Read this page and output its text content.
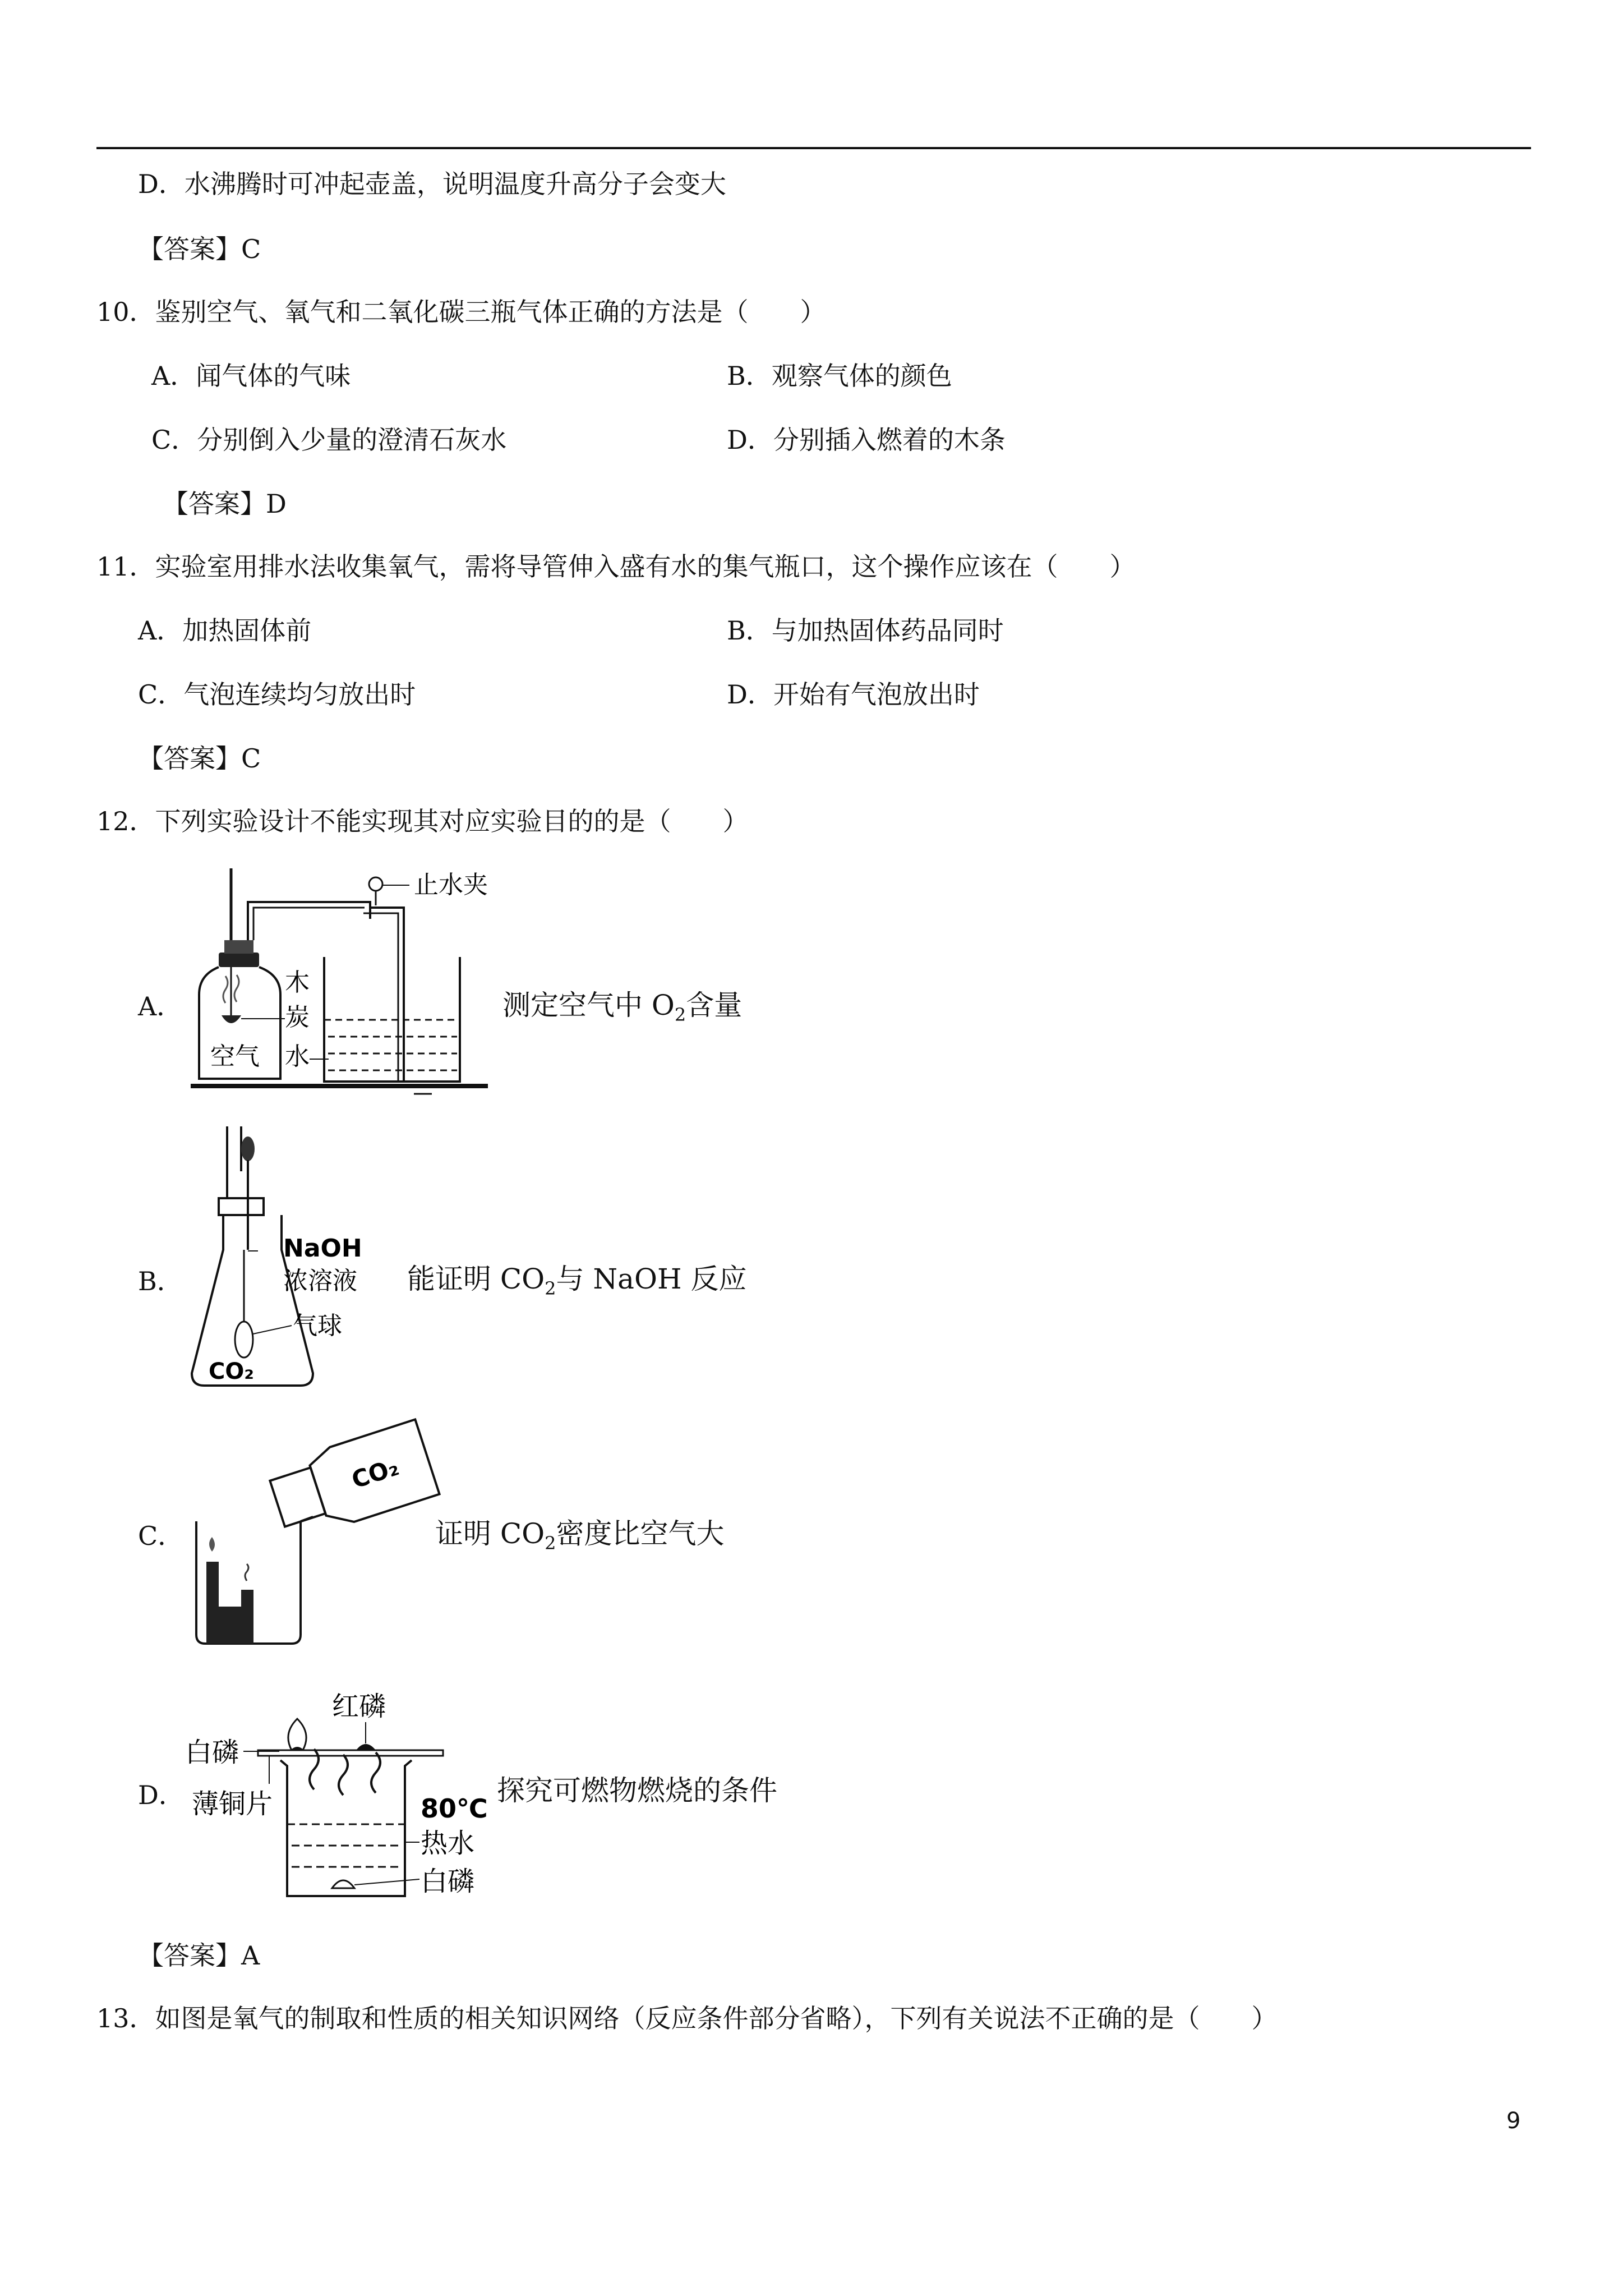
D．水沸腾时可冲起壶盖，说明温度升高分子会变大
【答案】C
10．鉴别空气、氧气和二氧化碳三瓶气体正确的方法是（　　）
A．闻气体的气味	B．观察气体的颜色
C．分别倒入少量的澄清石灰水	D．分别插入燃着的木条
【答案】D
11．实验室用排水法收集氧气，需将导管伸入盛有水的集气瓶口，这个操作应该在（　　）
A．加热固体前	B．与加热固体药品同时
C．气泡连续均匀放出时	D．开始有气泡放出时
【答案】C
12．下列实验设计不能实现其对应实验目的的是（　　）
A．
止水夹
木
炭
水
空气
测定空气中 $O_2$含量
B．
NaOH
浓溶液
气球
CO₂
能证明 $CO_2$与 NaOH 反应
C．
CO₂
证明 $CO_2$密度比空气大
D．
红磷
白磷
薄铜片	80℃
热水
白磷
探究可燃物燃烧的条件
【答案】A
13．如图是氧气的制取和性质的相关知识网络（反应条件部分省略），下列有关说法不正确的是（　　）
9
